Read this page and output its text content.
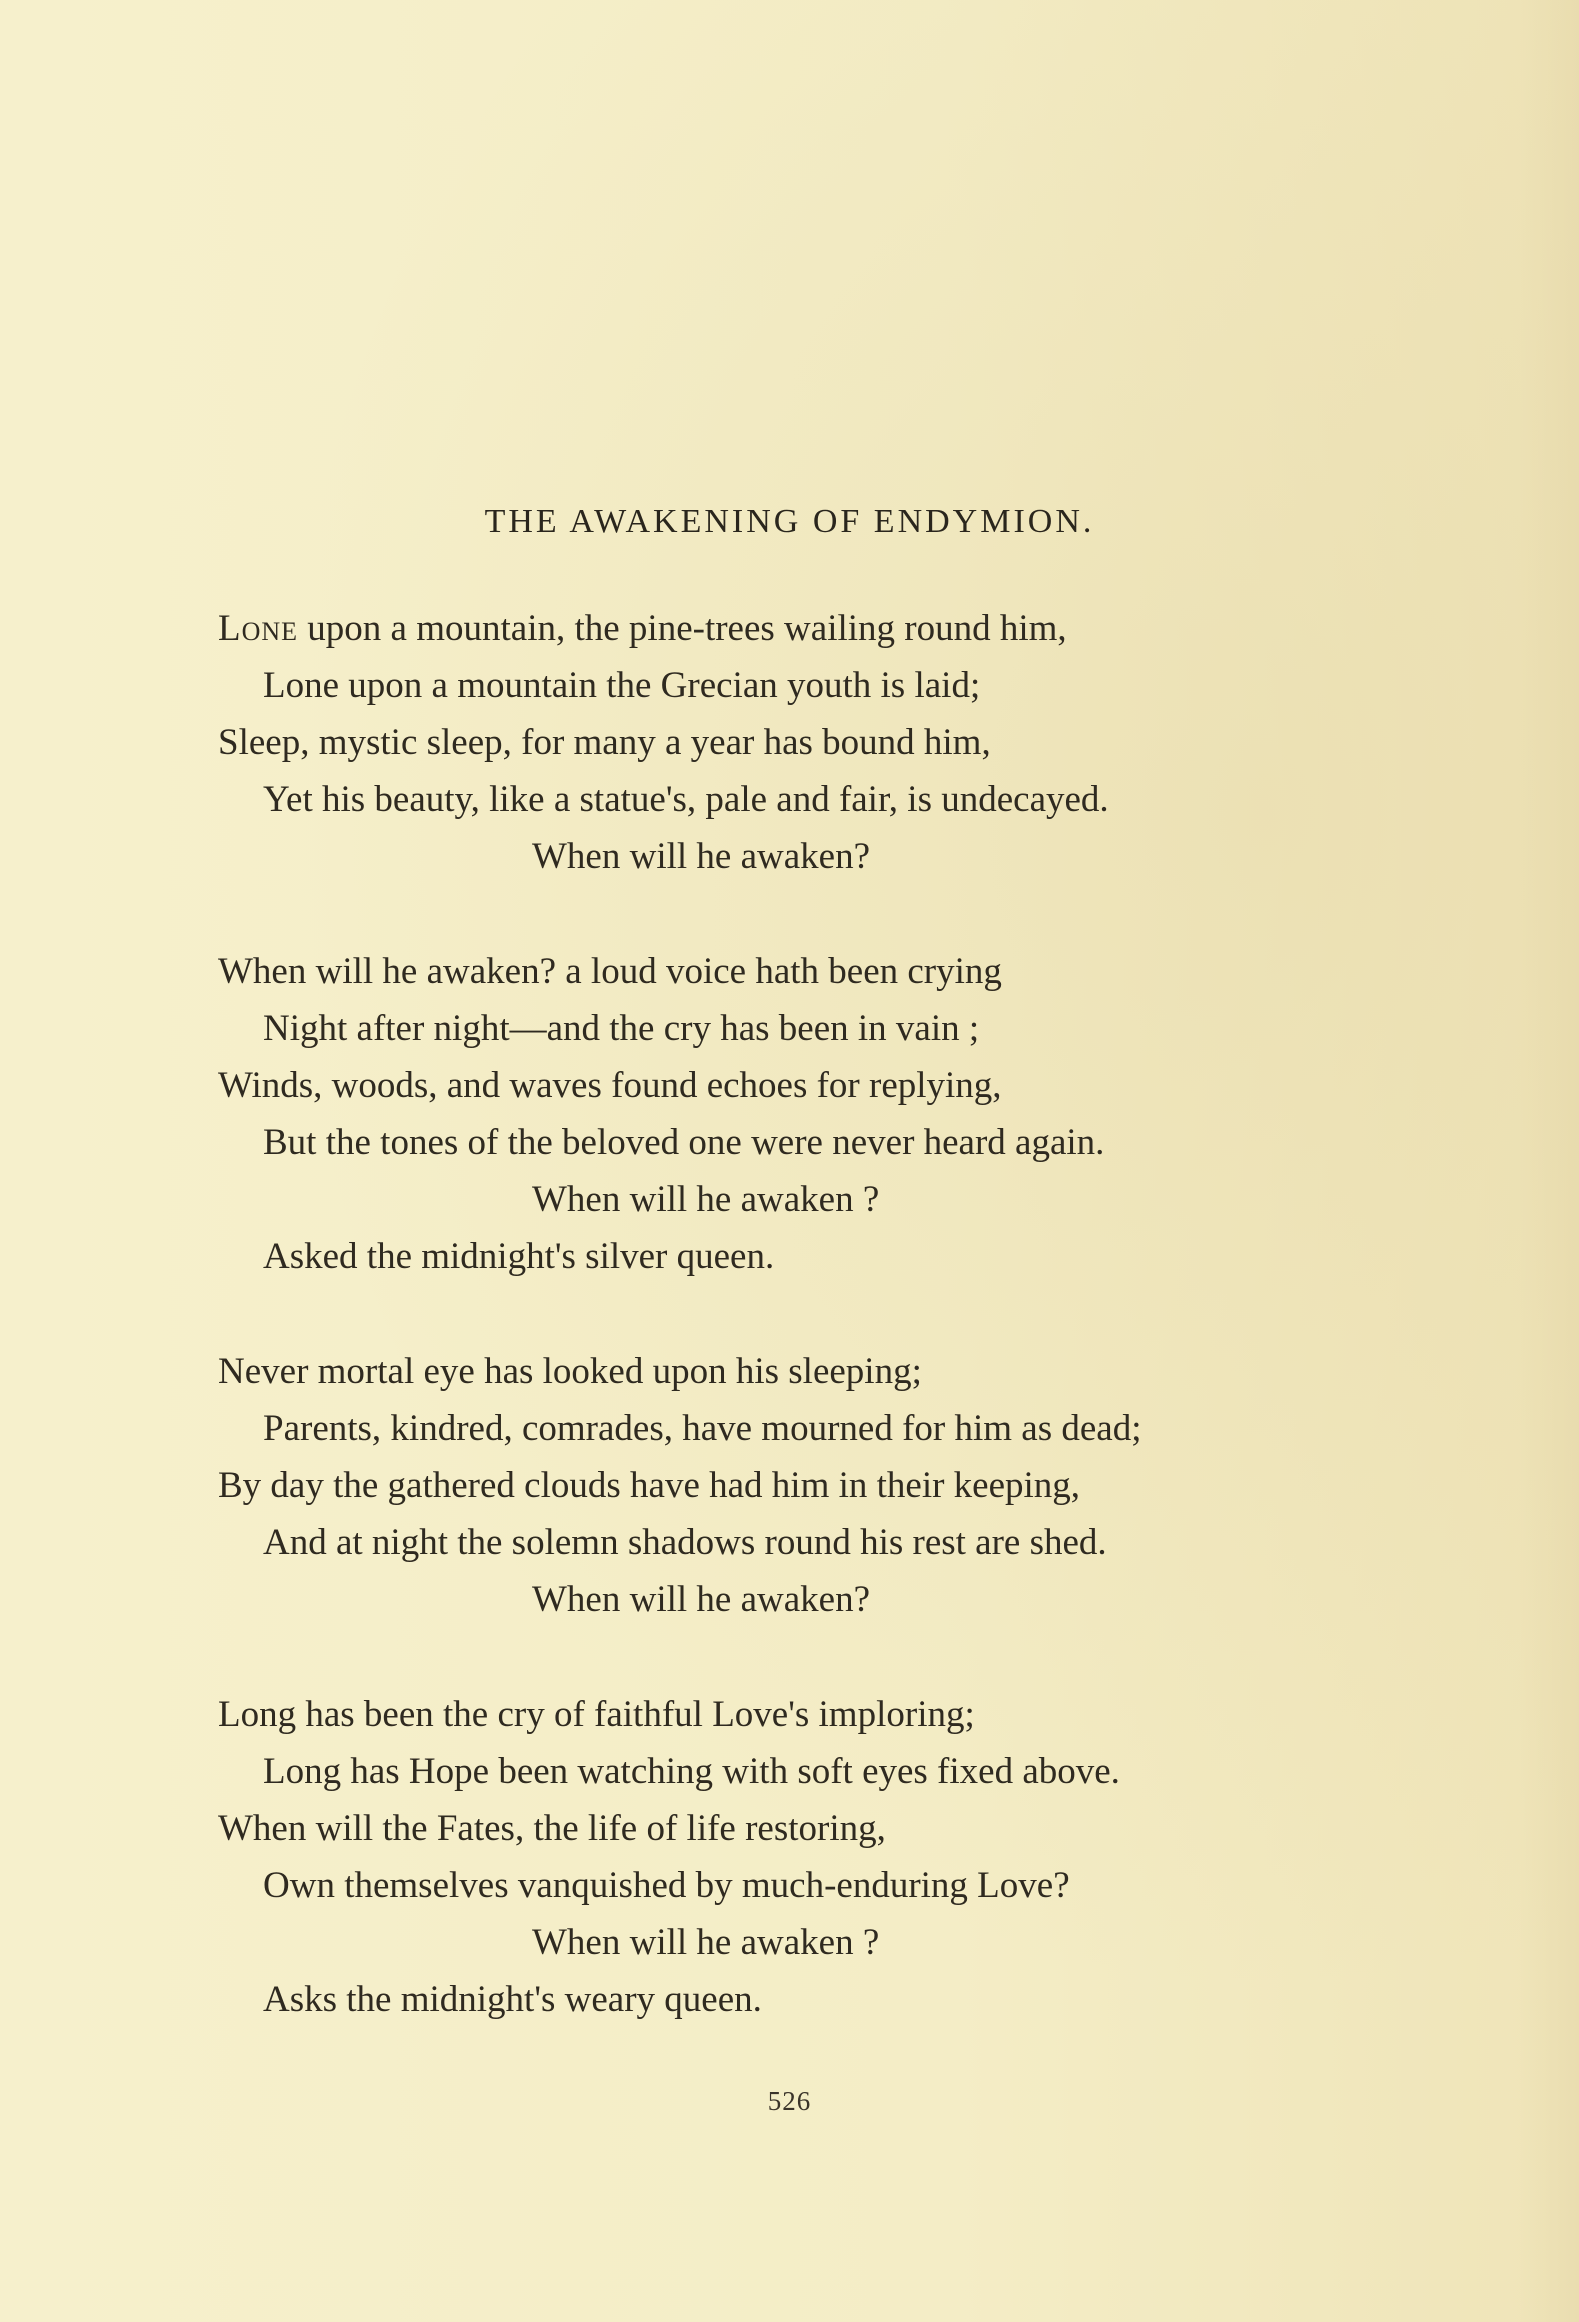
THE AWAKENING OF ENDYMION.
Lone upon a mountain, the pine-trees wailing round him,
Lone upon a mountain the Grecian youth is laid;
Sleep, mystic sleep, for many a year has bound him,
Yet his beauty, like a statue's, pale and fair, is undecayed.
When will he awaken?
When will he awaken? a loud voice hath been crying
Night after night—and the cry has been in vain ;
Winds, woods, and waves found echoes for replying,
But the tones of the beloved one were never heard again.
When will he awaken ?
Asked the midnight's silver queen.
Never mortal eye has looked upon his sleeping;
Parents, kindred, comrades, have mourned for him as dead;
By day the gathered clouds have had him in their keeping,
And at night the solemn shadows round his rest are shed.
When will he awaken?
Long has been the cry of faithful Love's imploring;
Long has Hope been watching with soft eyes fixed above.
When will the Fates, the life of life restoring,
Own themselves vanquished by much-enduring Love?
When will he awaken ?
Asks the midnight's weary queen.
526
